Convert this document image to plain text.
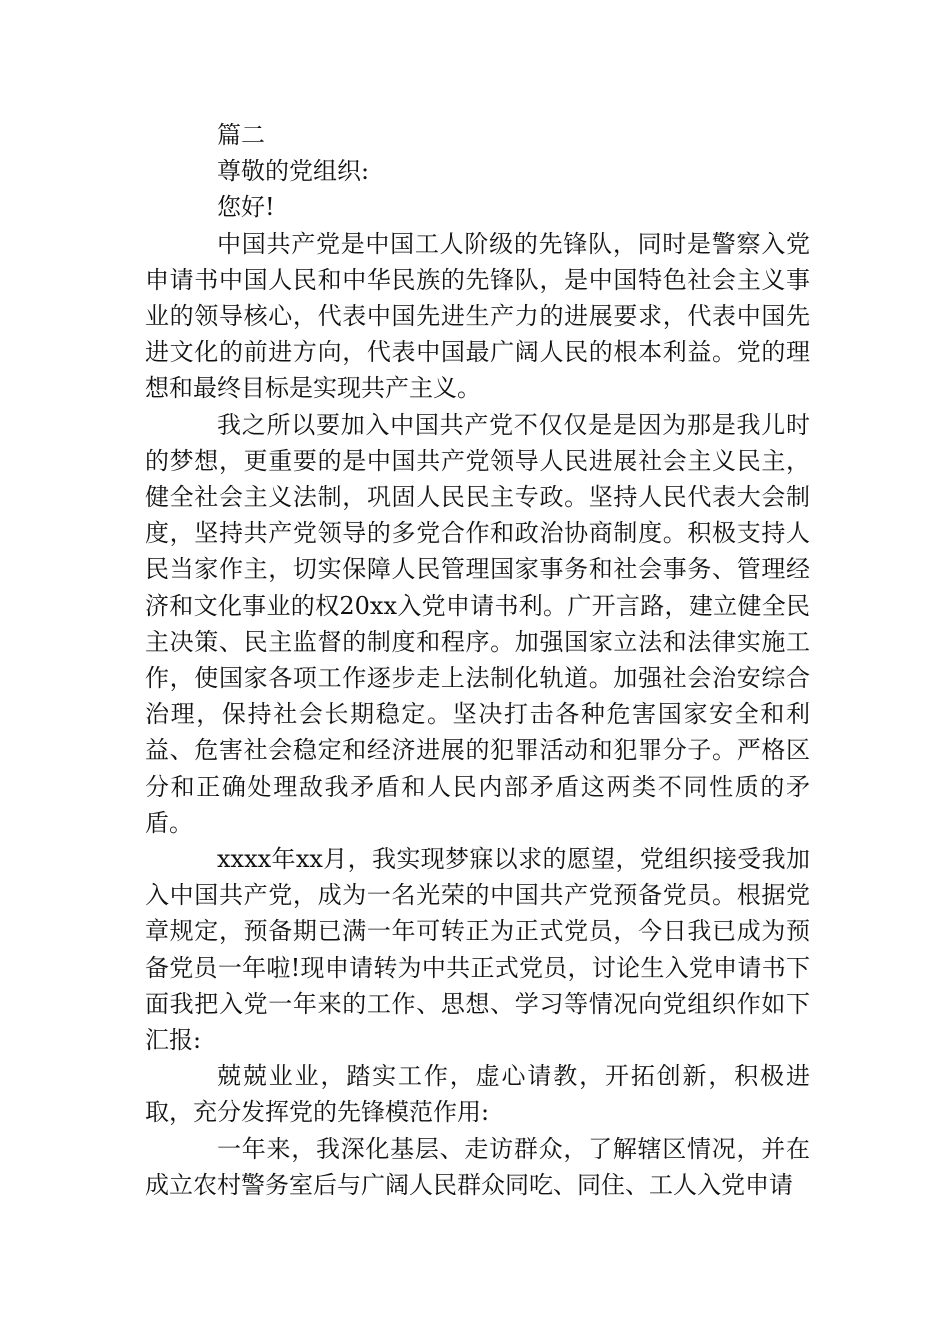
篇二

尊敬的党组织:

您好!

中国共产党是中国工人阶级的先锋队，同时是警察入党申请书中国人民和中华民族的先锋队，是中国特色社会主义事业的领导核心，代表中国先进生产力的进展要求，代表中国先进文化的前进方向，代表中国最广阔人民的根本利益。党的理想和最终目标是实现共产主义。

我之所以要加入中国共产党不仅仅是是因为那是我儿时的梦想，更重要的是中国共产党领导人民进展社会主义民主，健全社会主义法制，巩固人民民主专政。坚持人民代表大会制度，坚持共产党领导的多党合作和政治协商制度。积极支持人民当家作主，切实保障人民管理国家事务和社会事务、管理经济和文化事业的权20xx入党申请书利。广开言路，建立健全民主决策、民主监督的制度和程序。加强国家立法和法律实施工作，使国家各项工作逐步走上法制化轨道。加强社会治安综合治理，保持社会长期稳定。坚决打击各种危害国家安全和利益、危害社会稳定和经济进展的犯罪活动和犯罪分子。严格区分和正确处理敌我矛盾和人民内部矛盾这两类不同性质的矛盾。

xxxx年xx月，我实现梦寐以求的愿望，党组织接受我加入中国共产党，成为一名光荣的中国共产党预备党员。根据党章规定，预备期已满一年可转正为正式党员，今日我已成为预备党员一年啦!现申请转为中共正式党员，讨论生入党申请书下面我把入党一年来的工作、思想、学习等情况向党组织作如下汇报:

兢兢业业，踏实工作，虚心请教，开拓创新，积极进取，充分发挥党的先锋模范作用:

一年来，我深化基层、走访群众，了解辖区情况，并在成立农村警务室后与广阔人民群众同吃、同住、工人入党申请
